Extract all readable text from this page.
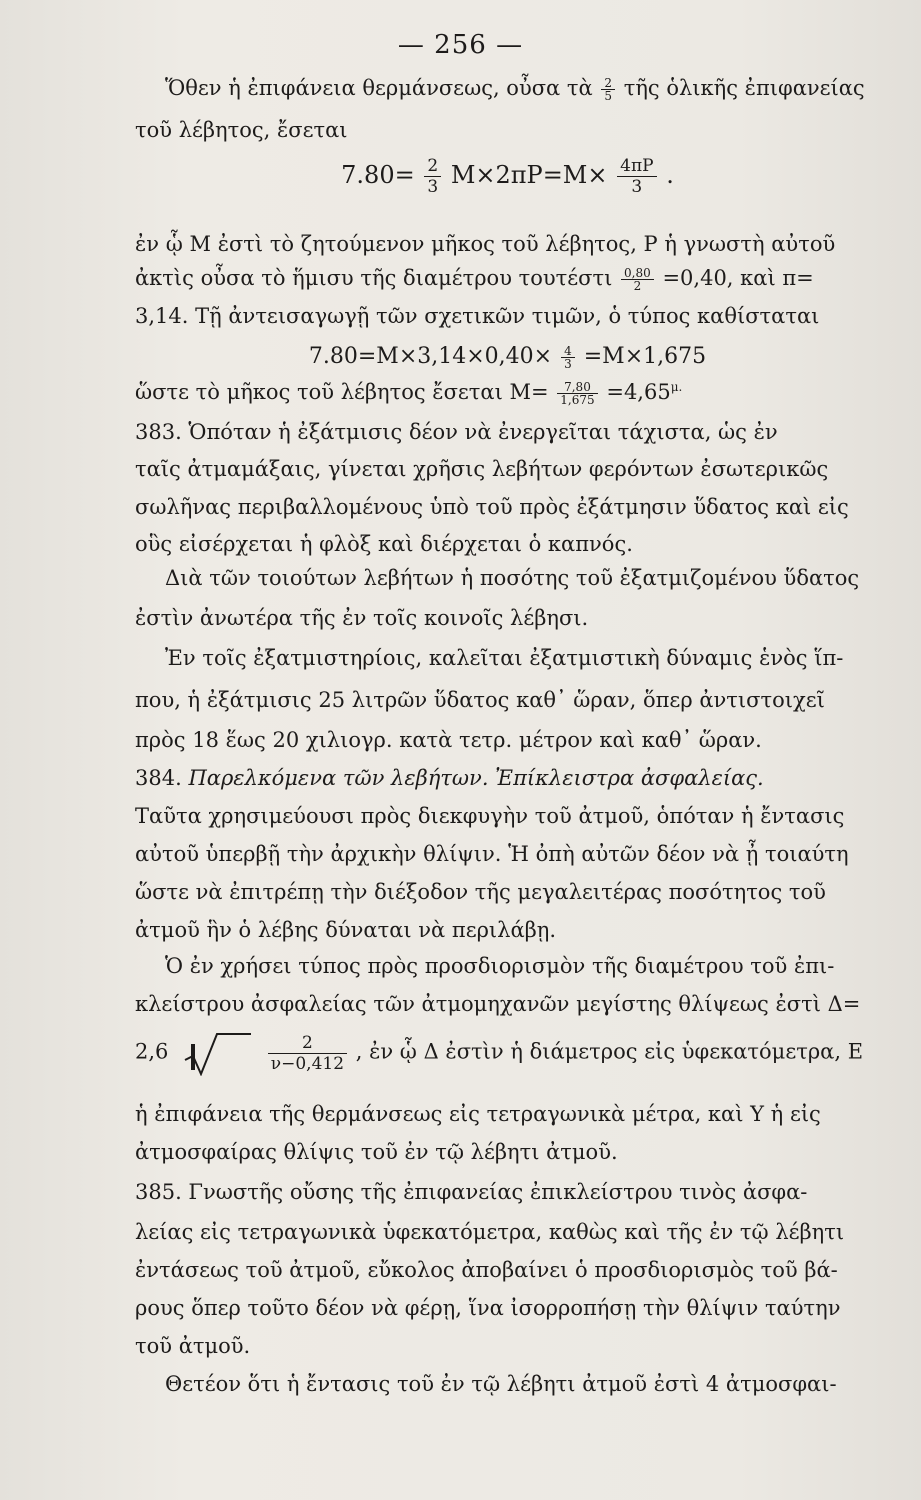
— 256 —
Ὅθεν ἡ ἐπιφάνεια θερμάνσεως, οὖσα τὰ $\frac{2}{5}$ τῆς ὁλικῆς ἐπιφανείας
τοῦ λέβητος, ἔσεται
$7.80= \frac{2}{3} M\times 2\pi P=M\times \frac{4\pi P}{3}$ .
ἐν ᾧ M ἐστὶ τὸ ζητούμενον μῆκος τοῦ λέβητος, P ἡ γνωστὴ αὐτοῦ
ἀκτὶς οὖσα τὸ ἥμισυ τῆς διαμέτρου τουτέστι $\frac{0,80}{2} =0,40$, καὶ π=
3,14. Τῇ ἀντεισαγωγῇ τῶν σχετικῶν τιμῶν, ὁ τύπος καθίσταται
$7.80=M\times 3,14\times 0,40\times \frac{4}{3} =M\times 1,675$
ὥστε τὸ μῆκος τοῦ λέβητος ἔσεται $M= \frac{7,80}{1,675} =4,65^{\mu.}$
383. Ὁπόταν ἡ ἐξάτμισις δέον νὰ ἐνεργεῖται τάχιστα, ὡς ἐν
ταῖς ἀτμαμάξαις, γίνεται χρῆσις λεβήτων φερόντων ἐσωτερικῶς
σωλῆνας περιβαλλομένους ὑπὸ τοῦ πρὸς ἐξάτμησιν ὕδατος καὶ εἰς
οὓς εἰσέρχεται ἡ φλὸξ καὶ διέρχεται ὁ καπνός.
Διὰ τῶν τοιούτων λεβήτων ἡ ποσότης τοῦ ἐξατμιζομένου ὕδατος
ἐστὶν ἀνωτέρα τῆς ἐν τοῖς κοινοῖς λέβησι.
Ἐν τοῖς ἐξατμιστηρίοις, καλεῖται ἐξατμιστικὴ δύναμις ἑνὸς ἵπ-
που, ἡ ἐξάτμισις 25 λιτρῶν ὕδατος καθ᾽ ὥραν, ὅπερ ἀντιστοιχεῖ
πρὸς 18 ἕως 20 χιλιογρ. κατὰ τετρ. μέτρον καὶ καθ᾽ ὥραν.
384. Παρελκόμενα τῶν λεβήτων. Ἐπίκλειστρα ἀσφαλείας.
Ταῦτα χρησιμεύουσι πρὸς διεκφυγὴν τοῦ ἀτμοῦ, ὁπόταν ἡ ἔντασις
αὐτοῦ ὑπερβῇ τὴν ἀρχικὴν θλίψιν. Ἡ ὀπὴ αὐτῶν δέον νὰ ᾖ τοιαύτη
ὥστε νὰ ἐπιτρέπῃ τὴν διέξοδον τῆς μεγαλειτέρας ποσότητος τοῦ
ἀτμοῦ ἣν ὁ λέβης δύναται νὰ περιλάβῃ.
Ὁ ἐν χρήσει τύπος πρὸς προσδιορισμὸν τῆς διαμέτρου τοῦ ἐπι-
κλείστρου ἀσφαλείας τῶν ἀτμομηχανῶν μεγίστης θλίψεως ἐστὶ Δ=
2,6	$\frac{2}{\nu-0,412}$ , ἐν ᾧ Δ ἐστὶν ἡ διάμετρος εἰς ὑφεκατόμετρα, E
ἡ ἐπιφάνεια τῆς θερμάνσεως εἰς τετραγωνικὰ μέτρα, καὶ Υ ἡ εἰς
ἀτμοσφαίρας θλίψις τοῦ ἐν τῷ λέβητι ἀτμοῦ.
385. Γνωστῆς οὔσης τῆς ἐπιφανείας ἐπικλείστρου τινὸς ἀσφα-
λείας εἰς τετραγωνικὰ ὑφεκατόμετρα, καθὼς καὶ τῆς ἐν τῷ λέβητι
ἐντάσεως τοῦ ἀτμοῦ, εὔκολος ἀποβαίνει ὁ προσδιορισμὸς τοῦ βά-
ρους ὅπερ τοῦτο δέον νὰ φέρῃ, ἵνα ἰσορροπήσῃ τὴν θλίψιν ταύτην
τοῦ ἀτμοῦ.
Θετέον ὅτι ἡ ἔντασις τοῦ ἐν τῷ λέβητι ἀτμοῦ ἐστὶ 4 ἀτμοσφαι-
